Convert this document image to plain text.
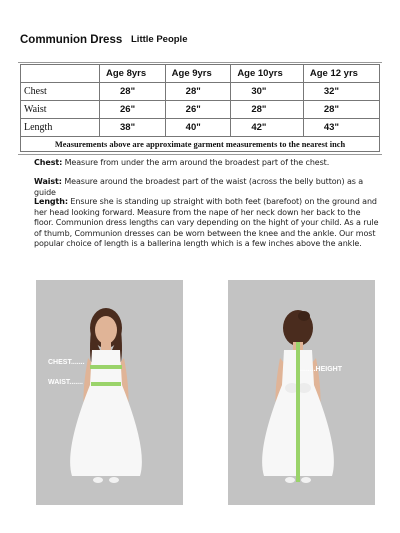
Communion Dress Little People
	Age 8yrs	Age 9yrs	Age 10yrs	Age 12 yrs
Chest	28"	28"	30"	32"
Waist	26"	26"	28"	28"
Length	38"	40"	42"	43"
Measurements above are approximate garment measurements to the nearest inch				
Chest: Measure from under the arm around the broadest part of the chest.
Waist: Measure around the broadest part of the waist (across the belly button) as a guide
Length: Ensure she is standing up straight with both feet (barefoot) on the ground and her head looking forward. Measure from the nape of her neck down her back to the floor. Communion dress lengths can vary depending on the hight of your child. As a rule of thumb, Communion dresses can be worn between the knee and the ankle. Our most popular choice of length is a ballerina length which is a few inches above the ankle.
CHEST.......
WAIST.......
........HEIGHT
